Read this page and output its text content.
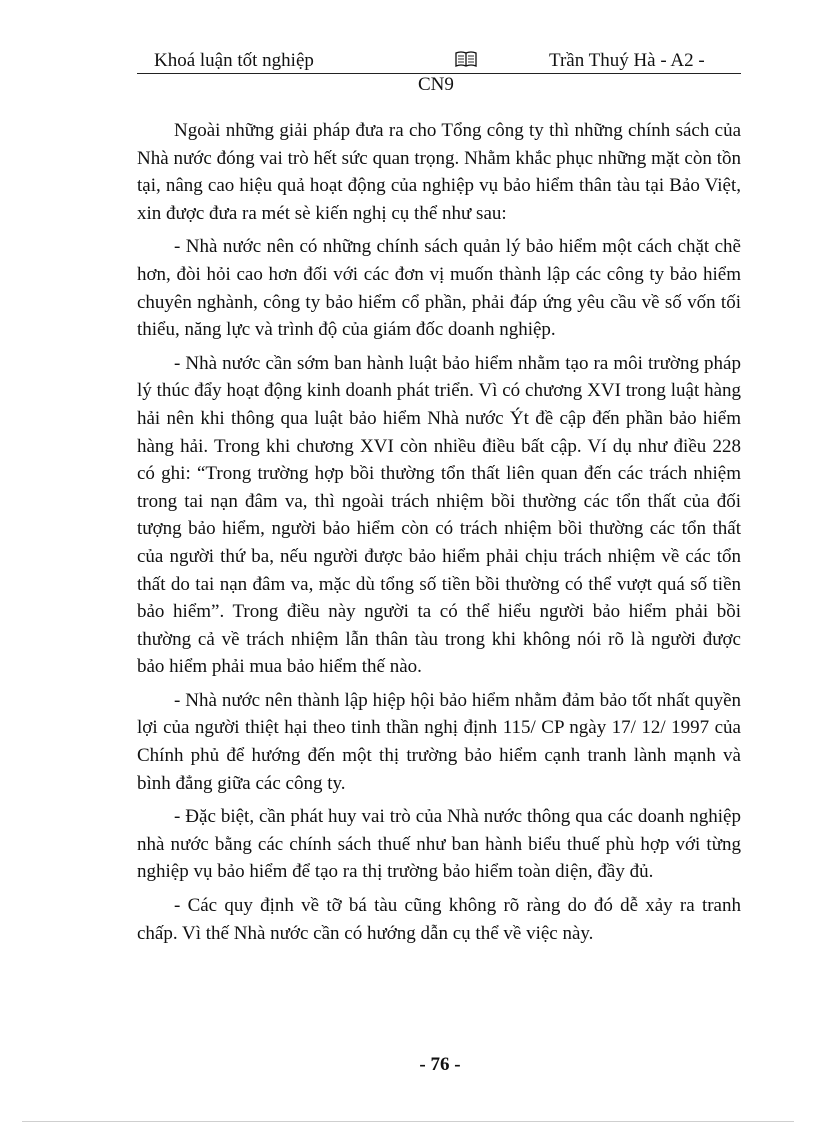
Khoá luận tốt nghiệp	Trần Thuý Hà - A2 -
CN9

Ngoài những giải pháp đưa ra cho Tổng công ty thì những chính sách của Nhà nước đóng vai trò hết sức quan trọng. Nhằm khắc phục những mặt còn tồn tại, nâng cao hiệu quả hoạt động của nghiệp vụ bảo hiểm thân tàu tại Bảo Việt, xin được đưa ra mét sè kiến nghị cụ thể như sau:

- Nhà nước nên có những chính sách quản lý bảo hiểm một cách chặt chẽ hơn, đòi hỏi cao hơn đối với các đơn vị muốn thành lập các công ty bảo hiểm chuyên nghành, công ty bảo hiểm cổ phần, phải đáp ứng yêu cầu về số vốn tối thiểu, năng lực và trình độ của giám đốc doanh nghiệp.

- Nhà nước cần sớm ban hành luật bảo hiểm nhằm tạo ra môi trường pháp lý thúc đẩy hoạt động kinh doanh phát triển. Vì có chương XVI trong luật hàng hải nên khi thông qua luật bảo hiểm Nhà nước Ýt đề cập đến phần bảo hiểm hàng hải. Trong khi chương XVI còn nhiều điều bất cập. Ví dụ như điều 228 có ghi: “Trong trường hợp bồi thường tổn thất liên quan đến các trách nhiệm trong tai nạn đâm va, thì ngoài trách nhiệm bồi thường các tổn thất của đối tượng bảo hiểm, người bảo hiểm còn có trách nhiệm bồi thường các tổn thất của người thứ ba, nếu người được bảo hiểm phải chịu trách nhiệm về các tổn thất do tai nạn đâm va, mặc dù tổng số tiền bồi thường có thể vượt quá số tiền bảo hiểm”. Trong điều này người ta có thể hiểu người bảo hiểm phải bồi thường cả về trách nhiệm lẫn thân tàu trong khi không nói rõ là người được bảo hiểm phải mua bảo hiểm thế nào.

- Nhà nước nên thành lập hiệp hội bảo hiểm nhằm đảm bảo tốt nhất quyền lợi của người thiệt hại theo tinh thần nghị định 115/ CP ngày 17/ 12/ 1997 của Chính phủ để hướng đến một thị trường bảo hiểm cạnh tranh lành mạnh và bình đẳng giữa các công ty.

- Đặc biệt, cần phát huy vai trò của Nhà nước thông qua các doanh nghiệp nhà nước bằng các chính sách thuế như ban hành biểu thuế phù hợp với từng nghiệp vụ bảo hiểm để tạo ra thị trường bảo hiểm toàn diện, đầy đủ.

- Các quy định về tỡ bá tàu cũng không rõ ràng do đó dễ xảy ra tranh chấp. Vì thế Nhà nước cần có hướng dẫn cụ thể về việc này.

- 76 -
